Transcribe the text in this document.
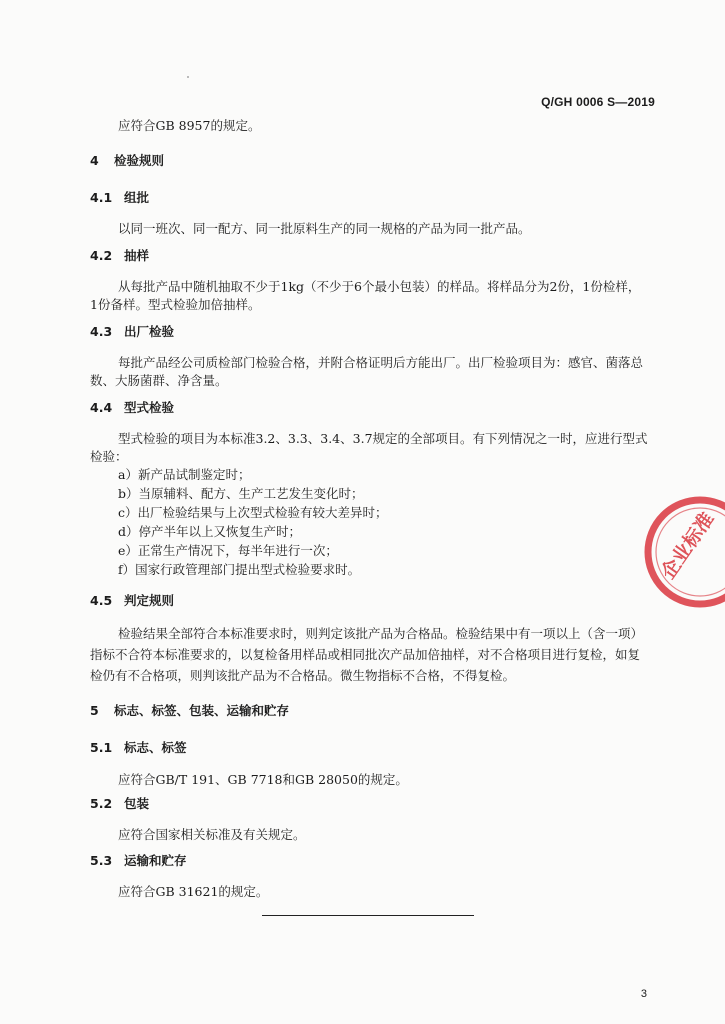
Q/GH 0006 S—2019
应符合GB 8957的规定。
4 检验规则
4.1 组批
以同一班次、同一配方、同一批原料生产的同一规格的产品为同一批产品。
4.2 抽样
从每批产品中随机抽取不少于1kg（不少于6个最小包装）的样品。将样品分为2份，1份检样，
1份备样。型式检验加倍抽样。
4.3 出厂检验
每批产品经公司质检部门检验合格，并附合格证明后方能出厂。出厂检验项目为：感官、菌落总
数、大肠菌群、净含量。
4.4 型式检验
型式检验的项目为本标准3.2、3.3、3.4、3.7规定的全部项目。有下列情况之一时，应进行型式
检验：
a）新产品试制鉴定时；
b）当原辅料、配方、生产工艺发生变化时；
c）出厂检验结果与上次型式检验有较大差异时；
d）停产半年以上又恢复生产时；
e）正常生产情况下，每半年进行一次；
f）国家行政管理部门提出型式检验要求时。
4.5 判定规则
检验结果全部符合本标准要求时，则判定该批产品为合格品。检验结果中有一项以上（含一项）
指标不合符本标准要求的，以复检备用样品或相同批次产品加倍抽样，对不合格项目进行复检，如复
检仍有不合格项，则判该批产品为不合格品。微生物指标不合格，不得复检。
5 标志、标签、包装、运输和贮存
5.1 标志、标签
应符合GB/T 191、GB 7718和GB 28050的规定。
5.2 包装
应符合国家相关标准及有关规定。
5.3 运输和贮存
应符合GB 31621的规定。
3
企业标准
